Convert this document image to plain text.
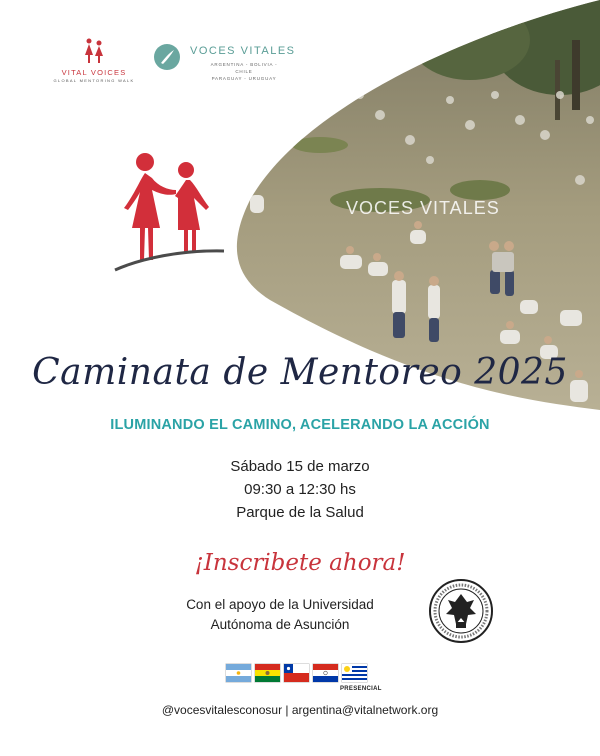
VOCES VITALES
VITAL VOICES
GLOBAL MENTORING WALK
VOCES VITALES
ARGENTINA - BOLIVIA - CHILE
PARAGUAY - URUGUAY
Caminata de Mentoreo 2025
ILUMINANDO EL CAMINO, ACELERANDO LA ACCIÓN
Sábado 15 de marzo
09:30 a 12:30 hs
Parque de la Salud
¡Inscribete ahora!
Con el apoyo de la Universidad
Autónoma de Asunción
PRESENCIAL
@vocesvitalesconosur | argentina@vitalnetwork.org
